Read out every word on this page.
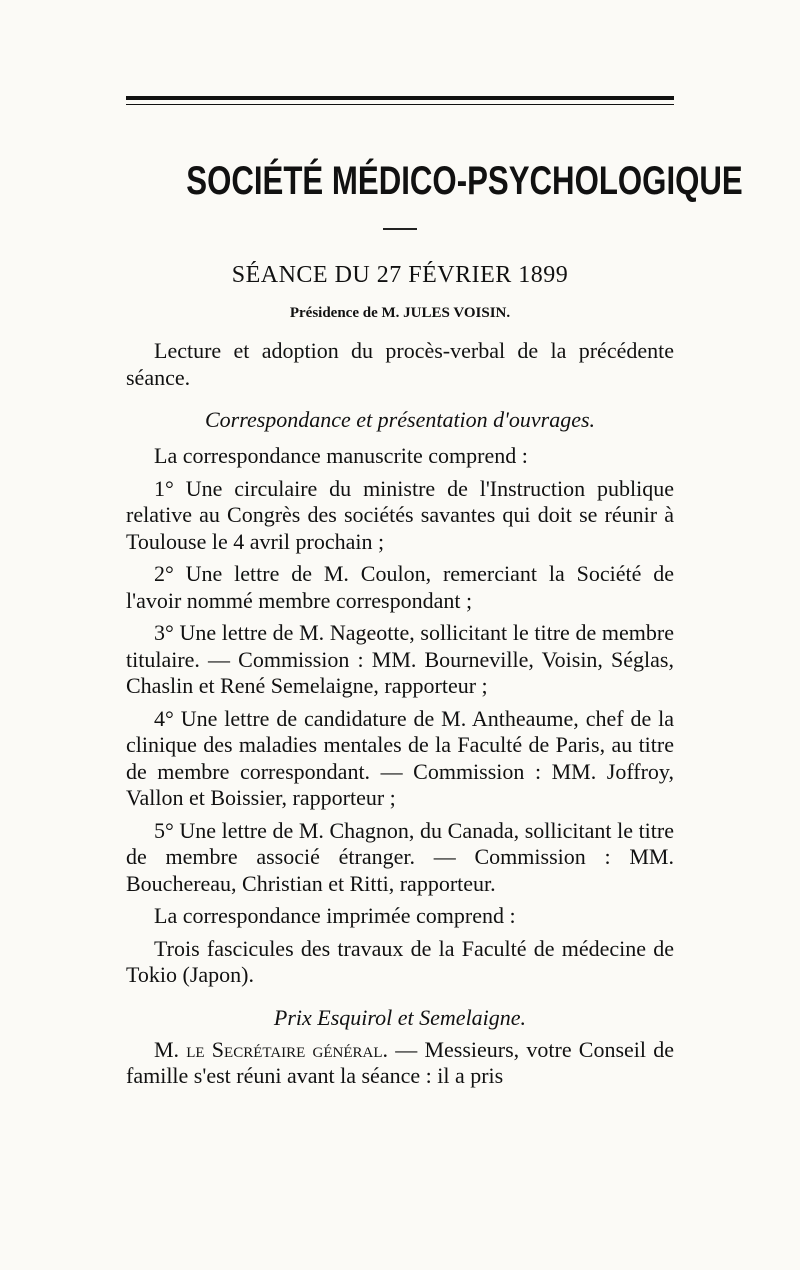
SOCIÉTÉ MÉDICO-PSYCHOLOGIQUE
SÉANCE DU 27 FÉVRIER 1899
Présidence de M. JULES VOISIN.

Lecture et adoption du procès-verbal de la précédente séance.

Correspondance et présentation d'ouvrages.

La correspondance manuscrite comprend :

1° Une circulaire du ministre de l'Instruction publique relative au Congrès des sociétés savantes qui doit se réunir à Toulouse le 4 avril prochain ;

2° Une lettre de M. Coulon, remerciant la Société de l'avoir nommé membre correspondant ;

3° Une lettre de M. Nageotte, sollicitant le titre de membre titulaire. — Commission : MM. Bourneville, Voisin, Séglas, Chaslin et René Semelaigne, rapporteur ;

4° Une lettre de candidature de M. Antheaume, chef de la clinique des maladies mentales de la Faculté de Paris, au titre de membre correspondant. — Commission : MM. Joffroy, Vallon et Boissier, rapporteur ;

5° Une lettre de M. Chagnon, du Canada, sollicitant le titre de membre associé étranger. — Commission : MM. Bouchereau, Christian et Ritti, rapporteur.

La correspondance imprimée comprend :

Trois fascicules des travaux de la Faculté de médecine de Tokio (Japon).

Prix Esquirol et Semelaigne.

M. le Secrétaire général. — Messieurs, votre Conseil de famille s'est réuni avant la séance : il a pris
